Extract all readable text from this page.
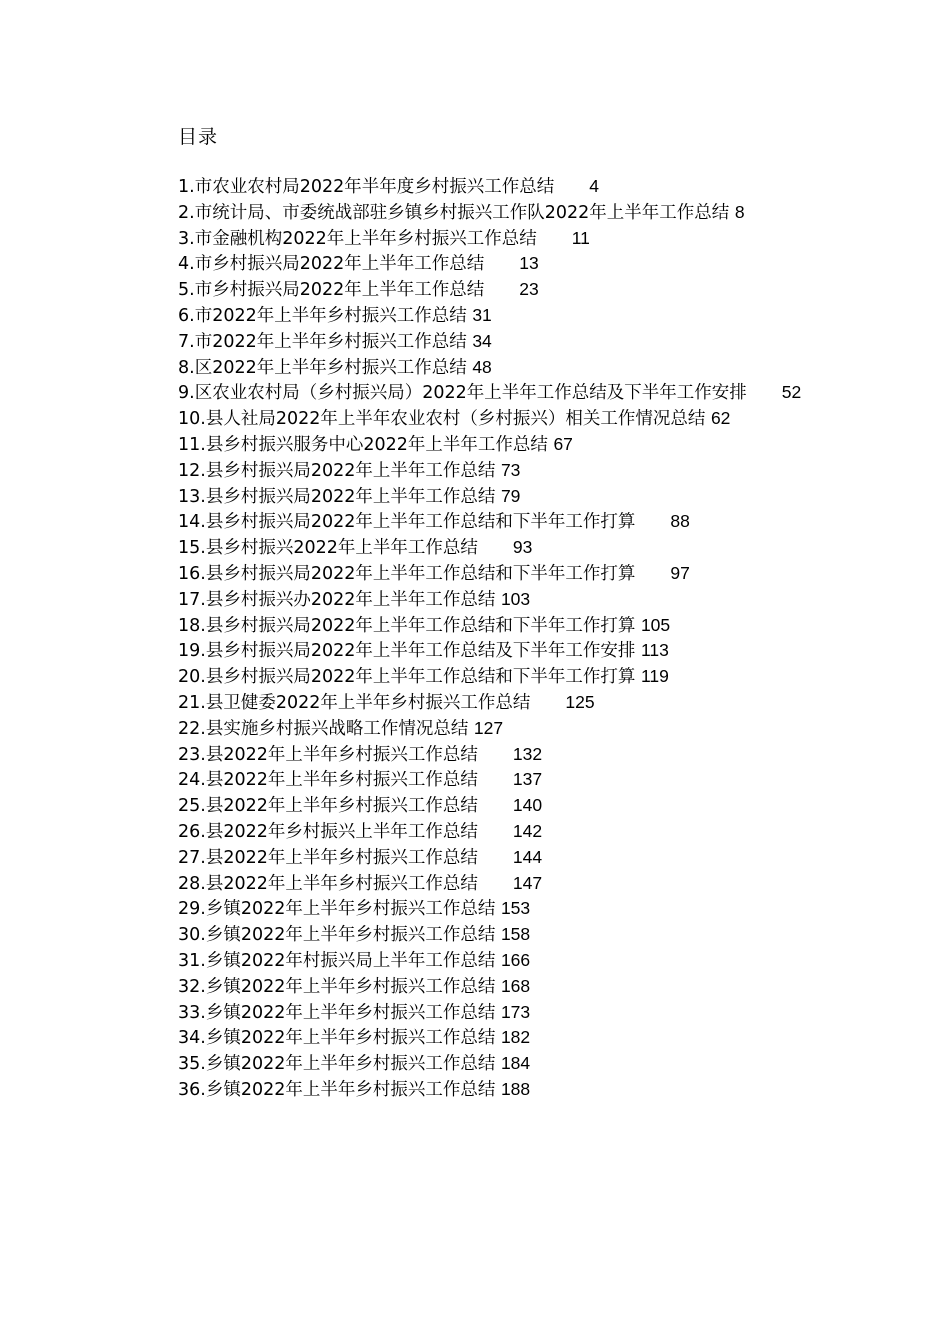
目录
1.市农业农村局2022年半年度乡村振兴工作总结   4
2.市统计局、市委统战部驻乡镇乡村振兴工作队2022年上半年工作总结 8
3.市金融机构2022年上半年乡村振兴工作总结   11
4.市乡村振兴局2022年上半年工作总结   13
5.市乡村振兴局2022年上半年工作总结   23
6.市2022年上半年乡村振兴工作总结 31
7.市2022年上半年乡村振兴工作总结 34
8.区2022年上半年乡村振兴工作总结 48
9.区农业农村局（乡村振兴局）2022年上半年工作总结及下半年工作安排   52
10.县人社局2022年上半年农业农村（乡村振兴）相关工作情况总结 62
11.县乡村振兴服务中心2022年上半年工作总结 67
12.县乡村振兴局2022年上半年工作总结 73
13.县乡村振兴局2022年上半年工作总结 79
14.县乡村振兴局2022年上半年工作总结和下半年工作打算   88
15.县乡村振兴2022年上半年工作总结   93
16.县乡村振兴局2022年上半年工作总结和下半年工作打算   97
17.县乡村振兴办2022年上半年工作总结 103
18.县乡村振兴局2022年上半年工作总结和下半年工作打算 105
19.县乡村振兴局2022年上半年工作总结及下半年工作安排 113
20.县乡村振兴局2022年上半年工作总结和下半年工作打算 119
21.县卫健委2022年上半年乡村振兴工作总结   125
22.县实施乡村振兴战略工作情况总结 127
23.县2022年上半年乡村振兴工作总结   132
24.县2022年上半年乡村振兴工作总结   137
25.县2022年上半年乡村振兴工作总结   140
26.县2022年乡村振兴上半年工作总结   142
27.县2022年上半年乡村振兴工作总结   144
28.县2022年上半年乡村振兴工作总结   147
29.乡镇2022年上半年乡村振兴工作总结 153
30.乡镇2022年上半年乡村振兴工作总结 158
31.乡镇2022年村振兴局上半年工作总结 166
32.乡镇2022年上半年乡村振兴工作总结 168
33.乡镇2022年上半年乡村振兴工作总结 173
34.乡镇2022年上半年乡村振兴工作总结 182
35.乡镇2022年上半年乡村振兴工作总结 184
36.乡镇2022年上半年乡村振兴工作总结 188
